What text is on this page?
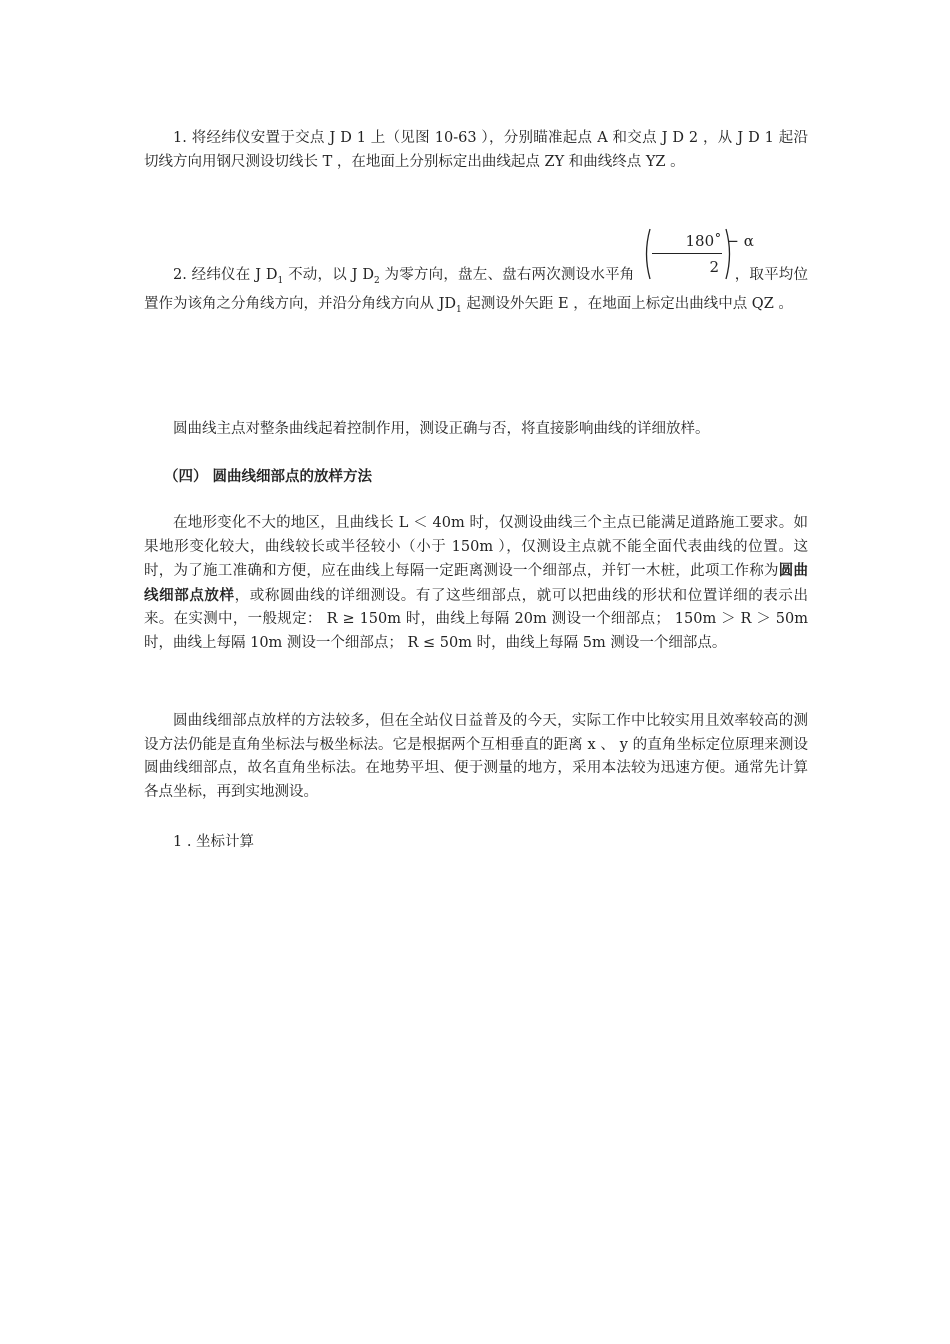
1. 将经纬仪安置于交点 J D 1 上（见图 10-63 ），分别瞄准起点 A 和交点 J D 2 ，从 J D 1 起沿切线方向用钢尺测设切线长 T ，在地面上分别标定出曲线起点 ZY 和曲线终点 YZ 。

2. 经纬仪在 J $D_1$ 不动，以 J $D_2$ 为零方向，盘左、盘右两次测设水平角 $\frac{180˚ - \alpha}{2}$ ，取平均位置作为该角之分角线方向，并沿分角线方向从 $JD_1$ 起测设外矢距 E ，在地面上标定出曲线中点 QZ 。

圆曲线主点对整条曲线起着控制作用，测设正确与否，将直接影响曲线的详细放样。

（四） 圆曲线细部点的放样方法

在地形变化不大的地区，且曲线长 L ＜ 40m 时，仅测设曲线三个主点已能满足道路施工要求。如果地形变化较大，曲线较长或半径较小（小于 150m ），仅测设主点就不能全面代表曲线的位置。这时，为了施工准确和方便，应在曲线上每隔一定距离测设一个细部点，并钉一木桩，此项工作称为圆曲线细部点放样，或称圆曲线的详细测设。有了这些细部点，就可以把曲线的形状和位置详细的表示出来。在实测中，一般规定： R ≥ 150m 时，曲线上每隔 20m 测设一个细部点； 150m ＞ R ＞ 50m 时，曲线上每隔 10m 测设一个细部点； R ≤ 50m 时，曲线上每隔 5m 测设一个细部点。

圆曲线细部点放样的方法较多，但在全站仪日益普及的今天，实际工作中比较实用且效率较高的测设方法仍能是直角坐标法与极坐标法。它是根据两个互相垂直的距离 x 、 y 的直角坐标定位原理来测设圆曲线细部点，故名直角坐标法。在地势平坦、便于测量的地方，采用本法较为迅速方便。通常先计算各点坐标，再到实地测设。

1 . 坐标计算
